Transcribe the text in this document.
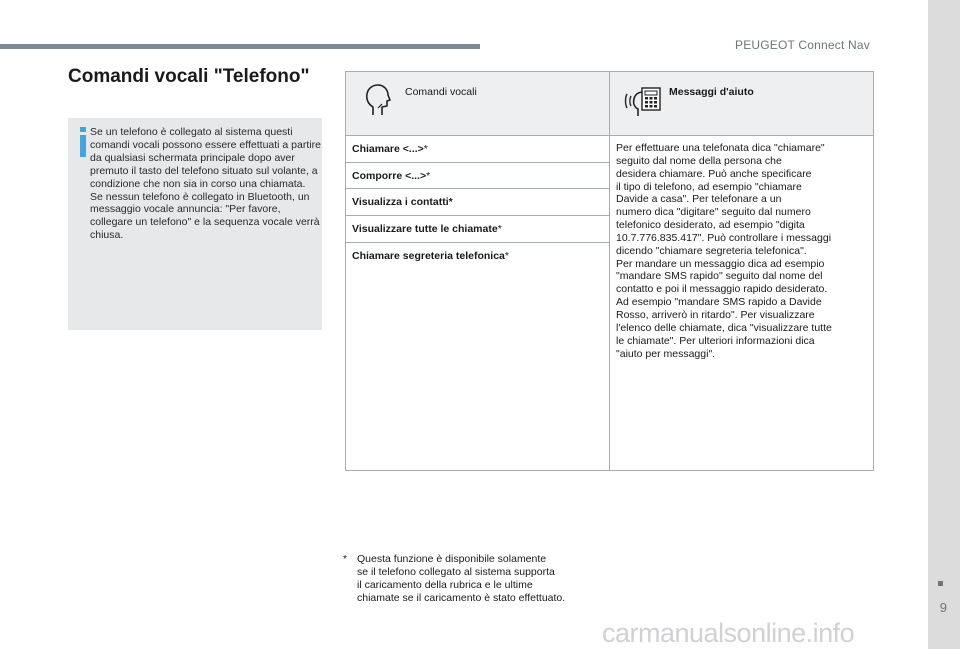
PEUGEOT Connect Nav
9
Comandi vocali "Telefono"

Se un telefono è collegato al sistema questi comandi vocali possono essere effettuati a partire da qualsiasi schermata principale dopo aver premuto il tasto del telefono situato sul volante, a condizione che non sia in corso una chiamata.

Se nessun telefono è collegato in Bluetooth, un messaggio vocale annuncia: "Per favore, collegare un telefono" e la sequenza vocale verrà chiusa.

Comandi vocali	Messaggi d'aiuto
Chiamare <...>*
Comporre <...>*
Visualizza i contatti*
Visualizzare tutte le chiamate*
Chiamare segreteria telefonica*
Per effettuare una telefonata dica "chiamare"
seguito dal nome della persona che
desidera chiamare. Può anche specificare
il tipo di telefono, ad esempio "chiamare
Davide a casa". Per telefonare a un
numero dica "digitare" seguito dal numero
telefonico desiderato, ad esempio "digita
10.7.776.835.417". Può controllare i messaggi
dicendo "chiamare segreteria telefonica".
Per mandare un messaggio dica ad esempio
"mandare SMS rapido" seguito dal nome del
contatto e poi il messaggio rapido desiderato.
Ad esempio "mandare SMS rapido a Davide
Rosso, arriverò in ritardo". Per visualizzare
l'elenco delle chiamate, dica "visualizzare tutte
le chiamate". Per ulteriori informazioni dica
"aiuto per messaggi".
* Questa funzione è disponibile solamente
se il telefono collegato al sistema supporta
il caricamento della rubrica e le ultime
chiamate se il caricamento è stato effettuato.
carmanualsonline.info
